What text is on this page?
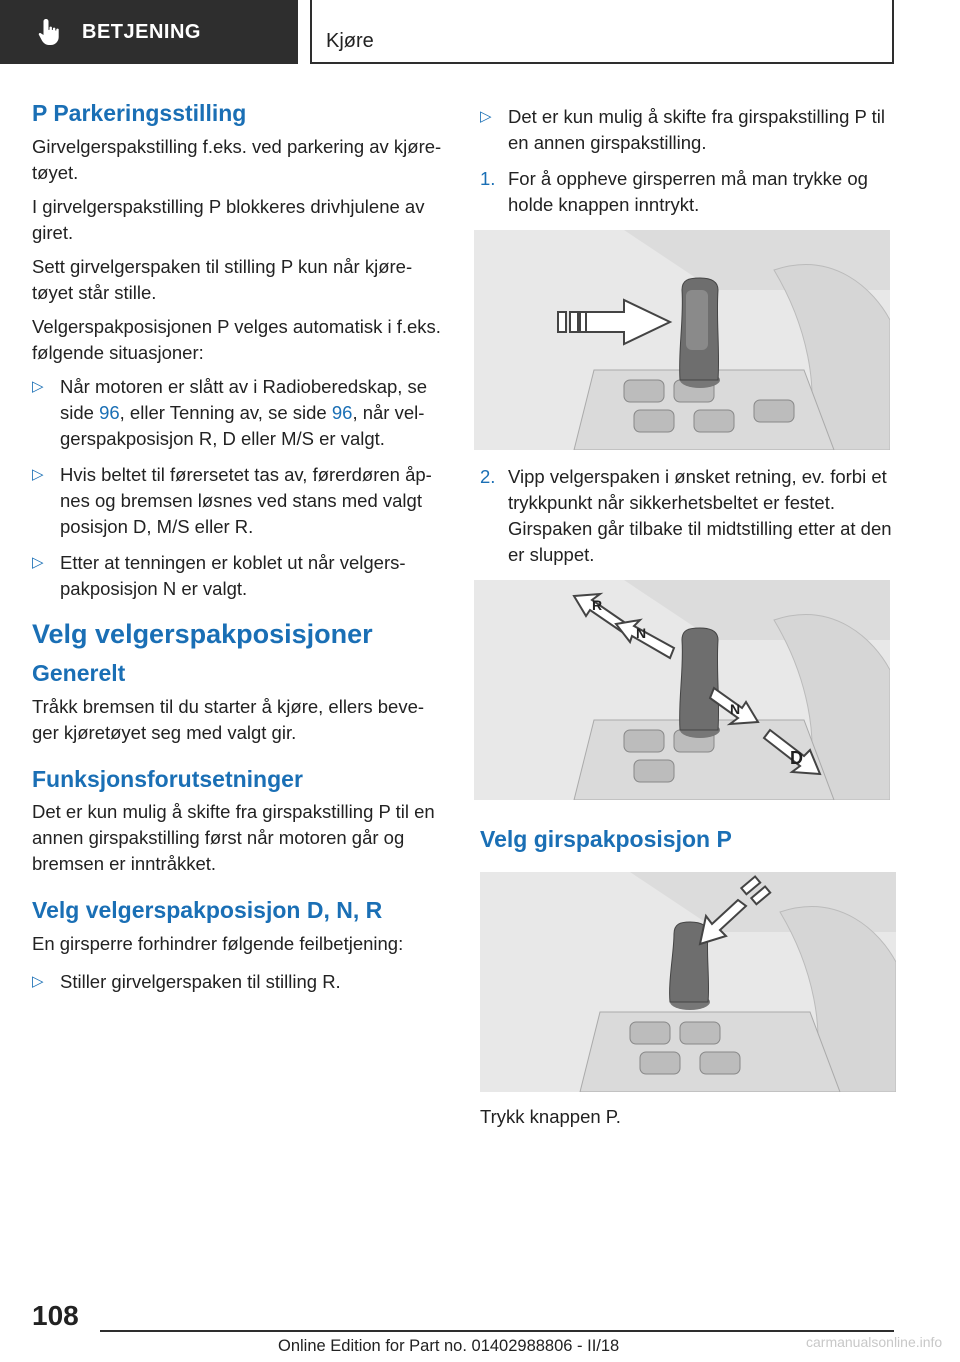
BETJENING	Kjøre
P Parkeringsstilling

Girvelgerspakstilling f.eks. ved parkering av kjøre-tøyet.

I girvelgerspakstilling P blokkeres drivhjulene av giret.

Sett girvelgerspaken til stilling P kun når kjøre-tøyet står stille.

Velgerspakposisjonen P velges automatisk i f.eks. følgende situasjoner:

▷ Når motoren er slått av i Radioberedskap, se side 96, eller Tenning av, se side 96, når vel-gerspakposisjon R, D eller M/S er valgt.
▷ Hvis beltet til førersetet tas av, førerdøren åp-nes og bremsen løsnes ved stans med valgt posisjon D, M/S eller R.
▷ Etter at tenningen er koblet ut når velgers-pakposisjon N er valgt.
Velg velgerspakposisjoner
Generelt

Tråkk bremsen til du starter å kjøre, ellers beve-ger kjøretøyet seg med valgt gir.

Funksjonsforutsetninger

Det er kun mulig å skifte fra girspakstilling P til en annen girspakstilling først når motoren går og bremsen er inntråkket.

Velg velgerspakposisjon D, N, R

En girsperre forhindrer følgende feilbetjening:

▷ Stiller girvelgerspaken til stilling R.
▷ Det er kun mulig å skifte fra girspakstilling P til en annen girspakstilling.
1. For å oppheve girsperren må man trykke og holde knappen inntrykt.
2. Vipp velgerspaken i ønsket retning, ev. forbi et trykkpunkt når sikkerhetsbeltet er festet. Girspaken går tilbake til midtstilling etter at den er sluppet.
R
N
N
D
Velg girspakposisjon P
Trykk knappen P.
108
Online Edition for Part no. 01402988806 - II/18	carmanualsonline.info
